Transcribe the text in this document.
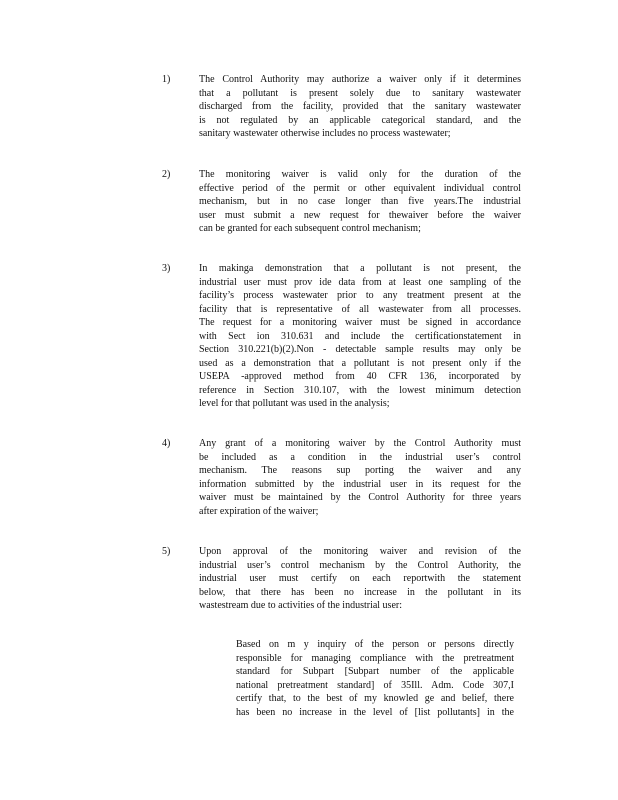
1)	The Control Authority may authorize a waiver only if it determines
that a pollutant is present solely due to sanitary wastewater
discharged from the facility, provided that the sanitary wastewater
is not regulated by an applicable categorical standard, and the
sanitary wastewater otherwise includes no process wastewater;
2)	The monitoring waiver is valid only for the duration of the
effective period of the permit or other equivalent individual control
mechanism, but in no case longer than five years.The industrial
user must submit a new request for thewaiver before the waiver
can be granted for each subsequent control mechanism;
3)	In makinga demonstration that a pollutant is not present, the
industrial user must prov ide data from at least one sampling of the
facility’s process wastewater prior to any treatment present at the
facility that is representative of all wastewater from all processes.
The request for a monitoring waiver must be signed in accordance
with Sect ion 310.631 and include the certificationstatement in
Section 310.221(b)(2).Non - detectable sample results may only be
used as a demonstration that a pollutant is not present only if the
USEPA -approved method from 40 CFR 136, incorporated by
reference in Section 310.107, with the lowest minimum detection
level for that pollutant was used in the analysis;
4)	Any grant of a monitoring waiver by the Control Authority must
be included as a condition in the industrial user’s control
mechanism. The reasons sup porting the waiver and any
information submitted by the industrial user in its request for the
waiver must be maintained by the Control Authority for three years
after expiration of the waiver;
5)	Upon approval of the monitoring waiver and revision of the
industrial user’s control mechanism by the Control Authority, the
industrial user must certify on each reportwith the statement
below, that there has been no increase in the pollutant in its
wastestream due to activities of the industrial user:
Based on m y inquiry of the person or persons directly
responsible for managing compliance with the pretreatment
standard for Subpart [Subpart number of the applicable
national pretreatment standard] of 35Ill. Adm. Code 307,I
certify that, to the best of my knowled ge and belief, there
has been no increase in the level of [list pollutants] in the
